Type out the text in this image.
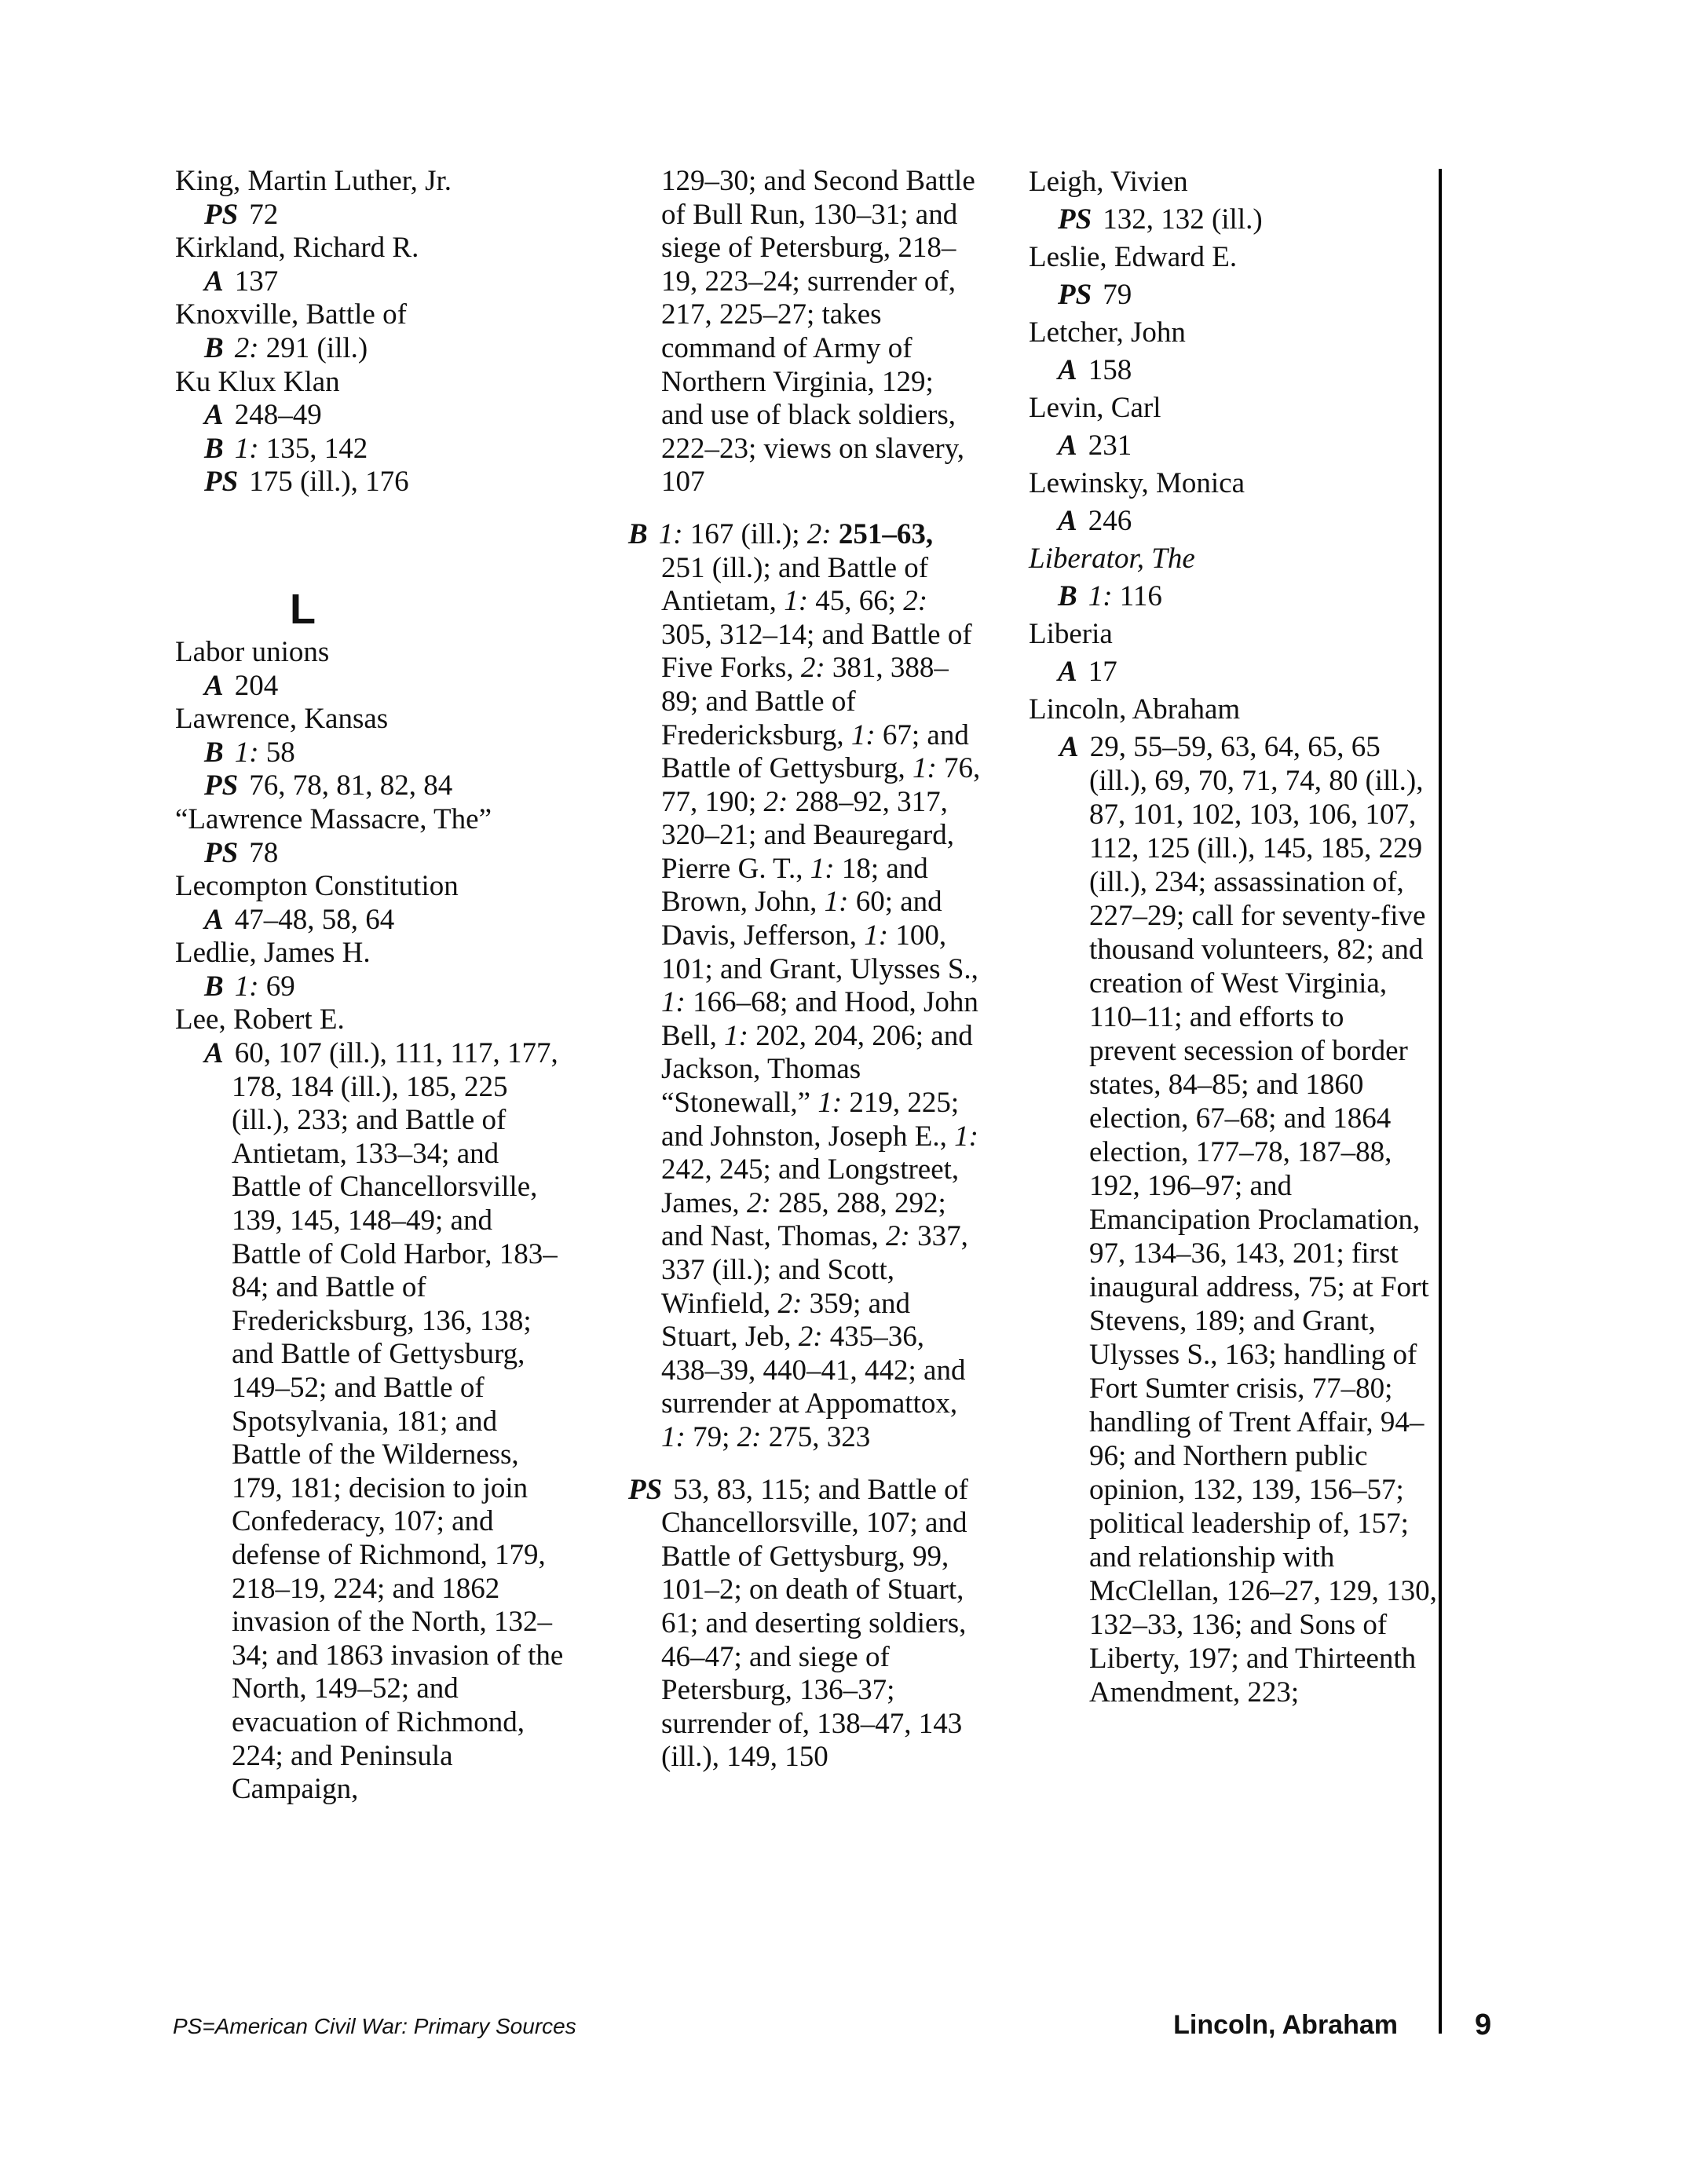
King, Martin Luther, Jr.
PS 72
Kirkland, Richard R.
A 137
Knoxville, Battle of
B 2: 291 (ill.)
Ku Klux Klan
A 248–49
B 1: 135, 142
PS 175 (ill.), 176
L
Labor unions
A 204
Lawrence, Kansas
B 1: 58
PS 76, 78, 81, 82, 84
“Lawrence Massacre, The”
PS 78
Lecompton Constitution
A 47–48, 58, 64
Ledlie, James H.
B 1: 69
Lee, Robert E.
A 60, 107 (ill.), 111, 117, 177, 178, 184 (ill.), 185, 225 (ill.), 233; and Battle of Antietam, 133–34; and Battle of Chancellorsville, 139, 145, 148–49; and Battle of Cold Harbor, 183–84; and Battle of Fredericksburg, 136, 138; and Battle of Gettysburg, 149–52; and Battle of Spotsylvania, 181; and Battle of the Wilderness, 179, 181; decision to join Confederacy, 107; and defense of Richmond, 179, 218–19, 224; and 1862 invasion of the North, 132–34; and 1863 invasion of the North, 149–52; and evacuation of Richmond, 224; and Peninsula Campaign,
129–30; and Second Battle of Bull Run, 130–31; and siege of Petersburg, 218–19, 223–24; surrender of, 217, 225–27; takes command of Army of Northern Virginia, 129; and use of black soldiers, 222–23; views on slavery, 107
B 1: 167 (ill.); 2: 251–63, 251 (ill.); and Battle of Antietam, 1: 45, 66; 2: 305, 312–14; and Battle of Five Forks, 2: 381, 388–89; and Battle of Fredericksburg, 1: 67; and Battle of Gettysburg, 1: 76, 77, 190; 2: 288–92, 317, 320–21; and Beauregard, Pierre G. T., 1: 18; and Brown, John, 1: 60; and Davis, Jefferson, 1: 100, 101; and Grant, Ulysses S., 1: 166–68; and Hood, John Bell, 1: 202, 204, 206; and Jackson, Thomas “Stonewall,” 1: 219, 225; and Johnston, Joseph E., 1: 242, 245; and Longstreet, James, 2: 285, 288, 292; and Nast, Thomas, 2: 337, 337 (ill.); and Scott, Winfield, 2: 359; and Stuart, Jeb, 2: 435–36, 438–39, 440–41, 442; and surrender at Appomattox, 1: 79; 2: 275, 323
PS 53, 83, 115; and Battle of Chancellorsville, 107; and Battle of Gettysburg, 99, 101–2; on death of Stuart, 61; and deserting soldiers, 46–47; and siege of Petersburg, 136–37; surrender of, 138–47, 143 (ill.), 149, 150
Leigh, Vivien
PS 132, 132 (ill.)
Leslie, Edward E.
PS 79
Letcher, John
A 158
Levin, Carl
A 231
Lewinsky, Monica
A 246
Liberator, The
B 1: 116
Liberia
A 17
Lincoln, Abraham
A 29, 55–59, 63, 64, 65, 65 (ill.), 69, 70, 71, 74, 80 (ill.), 87, 101, 102, 103, 106, 107, 112, 125 (ill.), 145, 185, 229 (ill.), 234; assassination of, 227–29; call for seventy-five thousand volunteers, 82; and creation of West Virginia, 110–11; and efforts to prevent secession of border states, 84–85; and 1860 election, 67–68; and 1864 election, 177–78, 187–88, 192, 196–97; and Emancipation Proclamation, 97, 134–36, 143, 201; first inaugural address, 75; at Fort Stevens, 189; and Grant, Ulysses S., 163; handling of Fort Sumter crisis, 77–80; handling of Trent Affair, 94–96; and Northern public opinion, 132, 139, 156–57; political leadership of, 157; and relationship with McClellan, 126–27, 129, 130, 132–33, 136; and Sons of Liberty, 197; and Thirteenth Amendment, 223;
PS=American Civil War: Primary Sources	Lincoln, Abraham	9
